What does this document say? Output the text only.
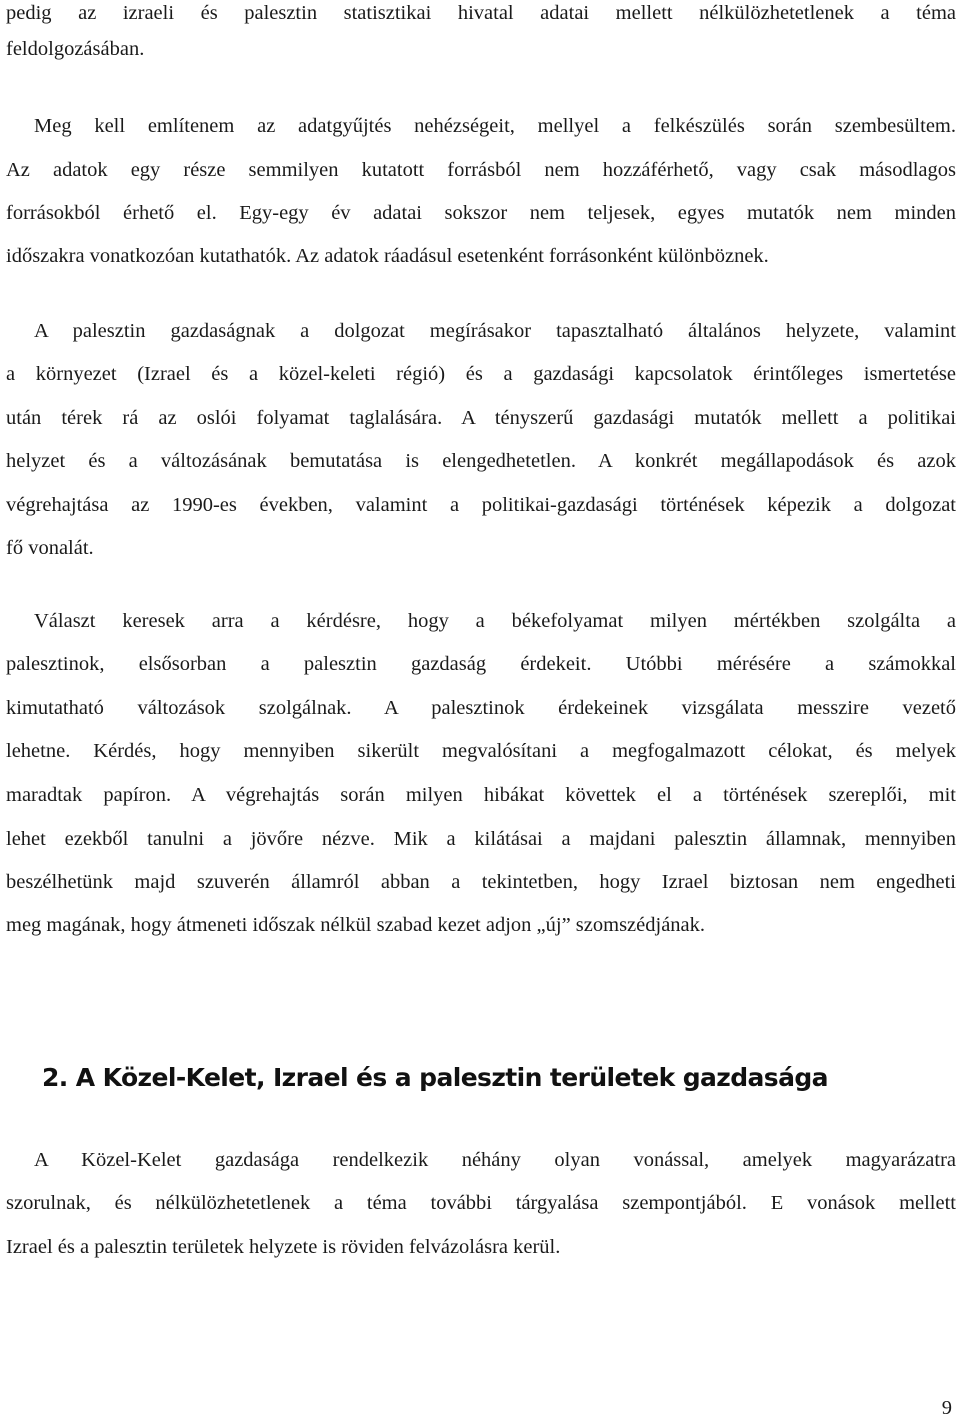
pedig az izraeli és palesztin statisztikai hivatal adatai mellett nélkülözhetetlenek a téma
feldolgozásában.
Meg kell említenem az adatgyűjtés nehézségeit, mellyel a felkészülés során szembesültem.
Az adatok egy része semmilyen kutatott forrásból nem hozzáférhető, vagy csak másodlagos
forrásokból érhető el. Egy-egy év adatai sokszor nem teljesek, egyes mutatók nem minden
időszakra vonatkozóan kutathatók. Az adatok ráadásul esetenként forrásonként különböznek.
A palesztin gazdaságnak a dolgozat megírásakor tapasztalható általános helyzete, valamint
a környezet (Izrael és a közel-keleti régió) és a gazdasági kapcsolatok érintőleges ismertetése
után térek rá az oslói folyamat taglalására. A tényszerű gazdasági mutatók mellett a politikai
helyzet és a változásának bemutatása is elengedhetetlen. A konkrét megállapodások és azok
végrehajtása az 1990-es években, valamint a politikai-gazdasági történések képezik a dolgozat
fő vonalát.
Választ keresek arra a kérdésre, hogy a békefolyamat milyen mértékben szolgálta a
palesztinok, elsősorban a palesztin gazdaság érdekeit. Utóbbi mérésére a számokkal
kimutatható változások szolgálnak. A palesztinok érdekeinek vizsgálata messzire vezető
lehetne. Kérdés, hogy mennyiben sikerült megvalósítani a megfogalmazott célokat, és melyek
maradtak papíron. A végrehajtás során milyen hibákat követtek el a történések szereplői, mit
lehet ezekből tanulni a jövőre nézve. Mik a kilátásai a majdani palesztin államnak, mennyiben
beszélhetünk majd szuverén államról abban a tekintetben, hogy Izrael biztosan nem engedheti
meg magának, hogy átmeneti időszak nélkül szabad kezet adjon „új” szomszédjának.
2. A Közel-Kelet, Izrael és a palesztin területek gazdasága
A Közel-Kelet gazdasága rendelkezik néhány olyan vonással, amelyek magyarázatra
szorulnak, és nélkülözhetetlenek a téma további tárgyalása szempontjából. E vonások mellett
Izrael és a palesztin területek helyzete is röviden felvázolásra kerül.
9
